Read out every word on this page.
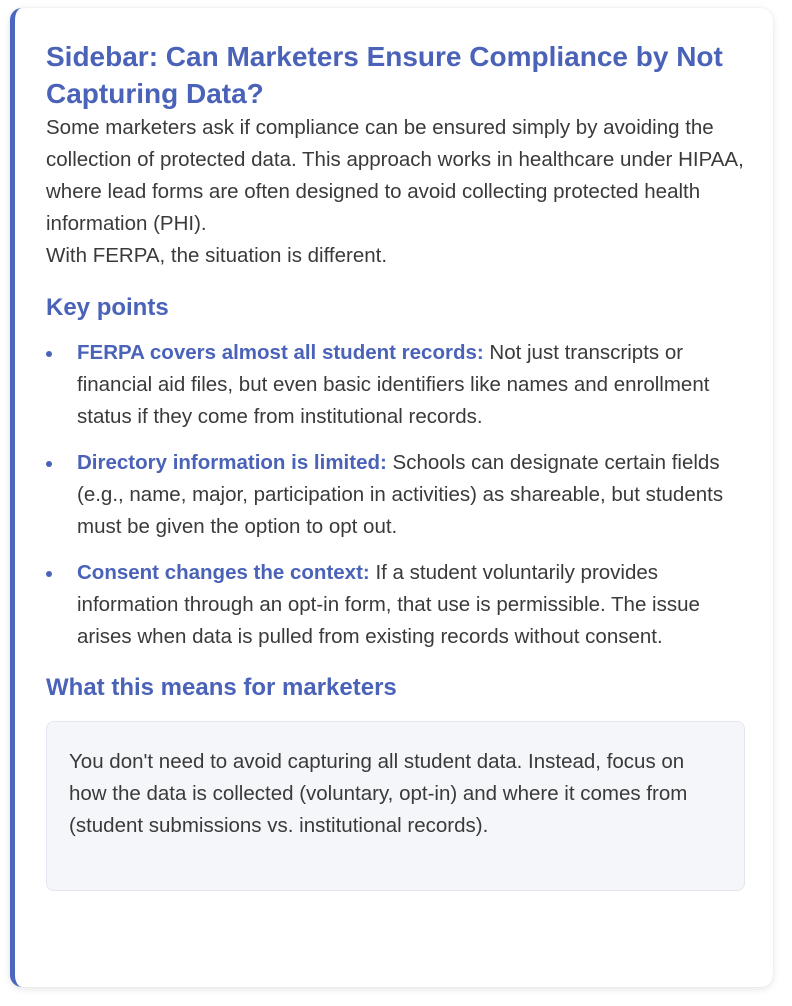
Sidebar: Can Marketers Ensure Compliance by Not Capturing Data?

Some marketers ask if compliance can be ensured simply by avoiding the collection of protected data. This approach works in healthcare under HIPAA, where lead forms are often designed to avoid collecting protected health information (PHI).

With FERPA, the situation is different.

Key points
FERPA covers almost all student records: Not just transcripts or financial aid files, but even basic identifiers like names and enrollment status if they come from institutional records.
Directory information is limited: Schools can designate certain fields (e.g., name, major, participation in activities) as shareable, but students must be given the option to opt out.
Consent changes the context: If a student voluntarily provides information through an opt-in form, that use is permissible. The issue arises when data is pulled from existing records without consent.
What this means for marketers

You don't need to avoid capturing all student data. Instead, focus on how the data is collected (voluntary, opt-in) and where it comes from (student submissions vs. institutional records).
